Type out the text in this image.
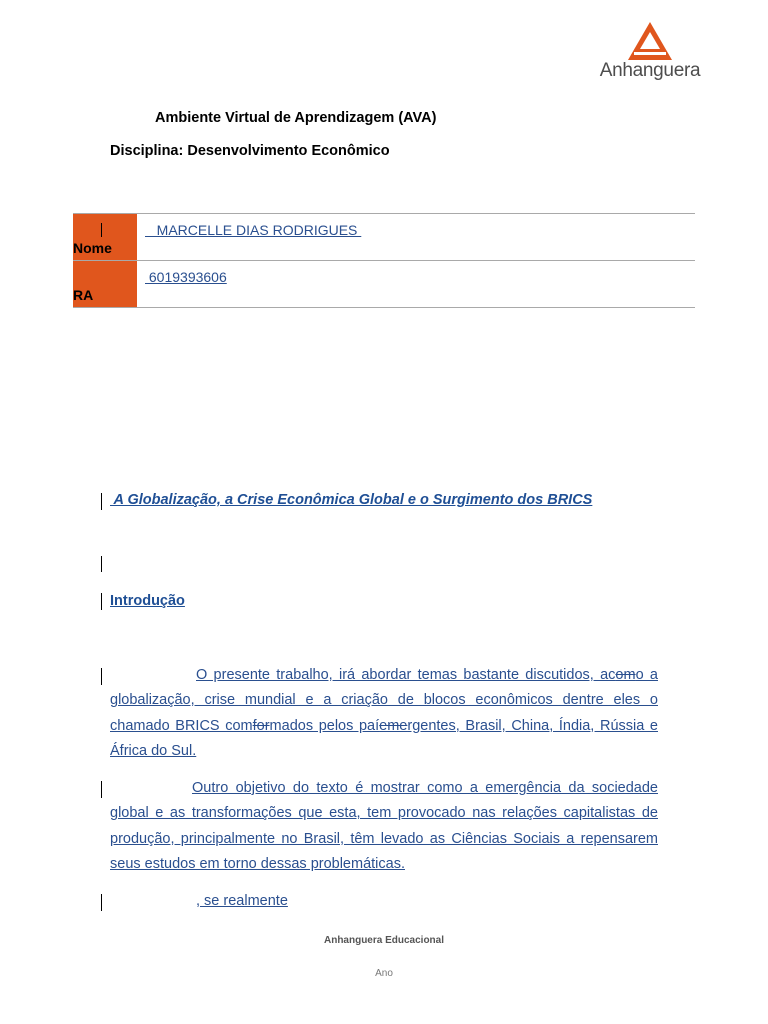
Anhanguera
Ambiente Virtual de Aprendizagem (AVA)
Disciplina: Desenvolvimento Econômico
Nome
MARCELLE DIAS RODRIGUES
RA
6019393606
A Globalização, a Crise Econômica Global e o Surgimento dos BRICS
Introdução
O presente trabalho, irá abordar temas bastante discutidos, acomo a globalização, crise mundial e a criação de blocos econômicos dentre eles o chamado BRICS comformados pelos paíemergentes, Brasil, China, Índia, Rússia e África do Sul.
Outro objetivo do texto é mostrar como a emergência da sociedade global e as transformações que esta, tem provocado nas relações capitalistas de produção, principalmente no Brasil, têm levado as Ciências Sociais a repensarem seus estudos em torno dessas problemáticas.
, se realmente
Anhanguera Educacional
Ano
